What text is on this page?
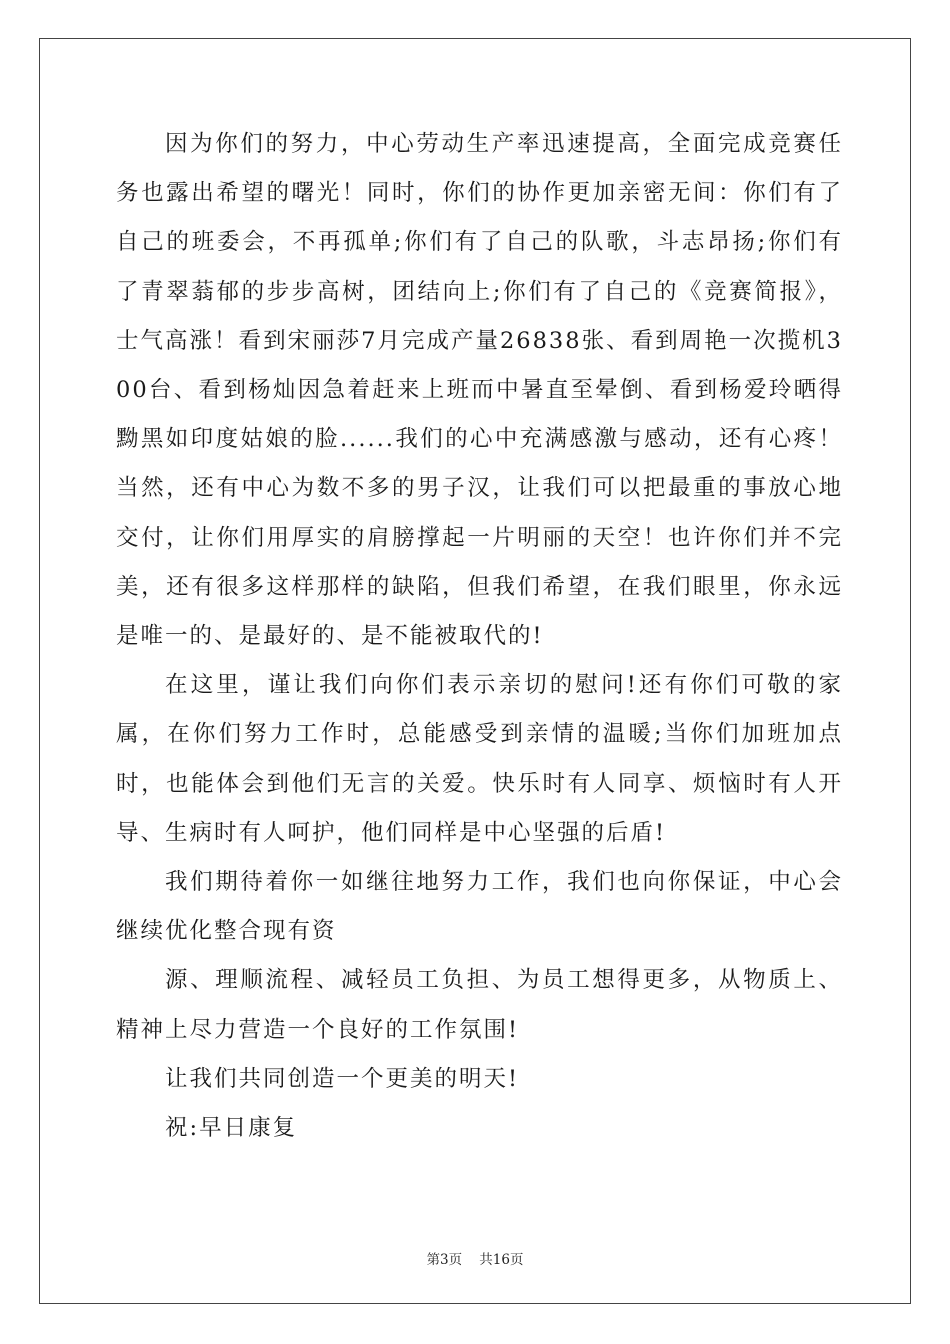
因为你们的努力，中心劳动生产率迅速提高，全面完成竞赛任务也露出希望的曙光！同时，你们的协作更加亲密无间：你们有了自己的班委会，不再孤单;你们有了自己的队歌，斗志昂扬;你们有了青翠蓊郁的步步高树，团结向上;你们有了自己的《竞赛简报》，士气高涨！看到宋丽莎7月完成产量26838张、看到周艳一次揽机300台、看到杨灿因急着赶来上班而中暑直至晕倒、看到杨爱玲晒得黝黑如印度姑娘的脸......我们的心中充满感激与感动，还有心疼！当然，还有中心为数不多的男子汉，让我们可以把最重的事放心地交付，让你们用厚实的肩膀撑起一片明丽的天空！也许你们并不完美，还有很多这样那样的缺陷，但我们希望，在我们眼里，你永远是唯一的、是最好的、是不能被取代的!

在这里，谨让我们向你们表示亲切的慰问!还有你们可敬的家属，在你们努力工作时，总能感受到亲情的温暖;当你们加班加点时，也能体会到他们无言的关爱。快乐时有人同享、烦恼时有人开导、生病时有人呵护，他们同样是中心坚强的后盾!

我们期待着你一如继往地努力工作，我们也向你保证，中心会继续优化整合现有资

源、理顺流程、减轻员工负担、为员工想得更多，从物质上、精神上尽力营造一个良好的工作氛围!

让我们共同创造一个更美的明天!

祝:早日康复

第3页 共16页
